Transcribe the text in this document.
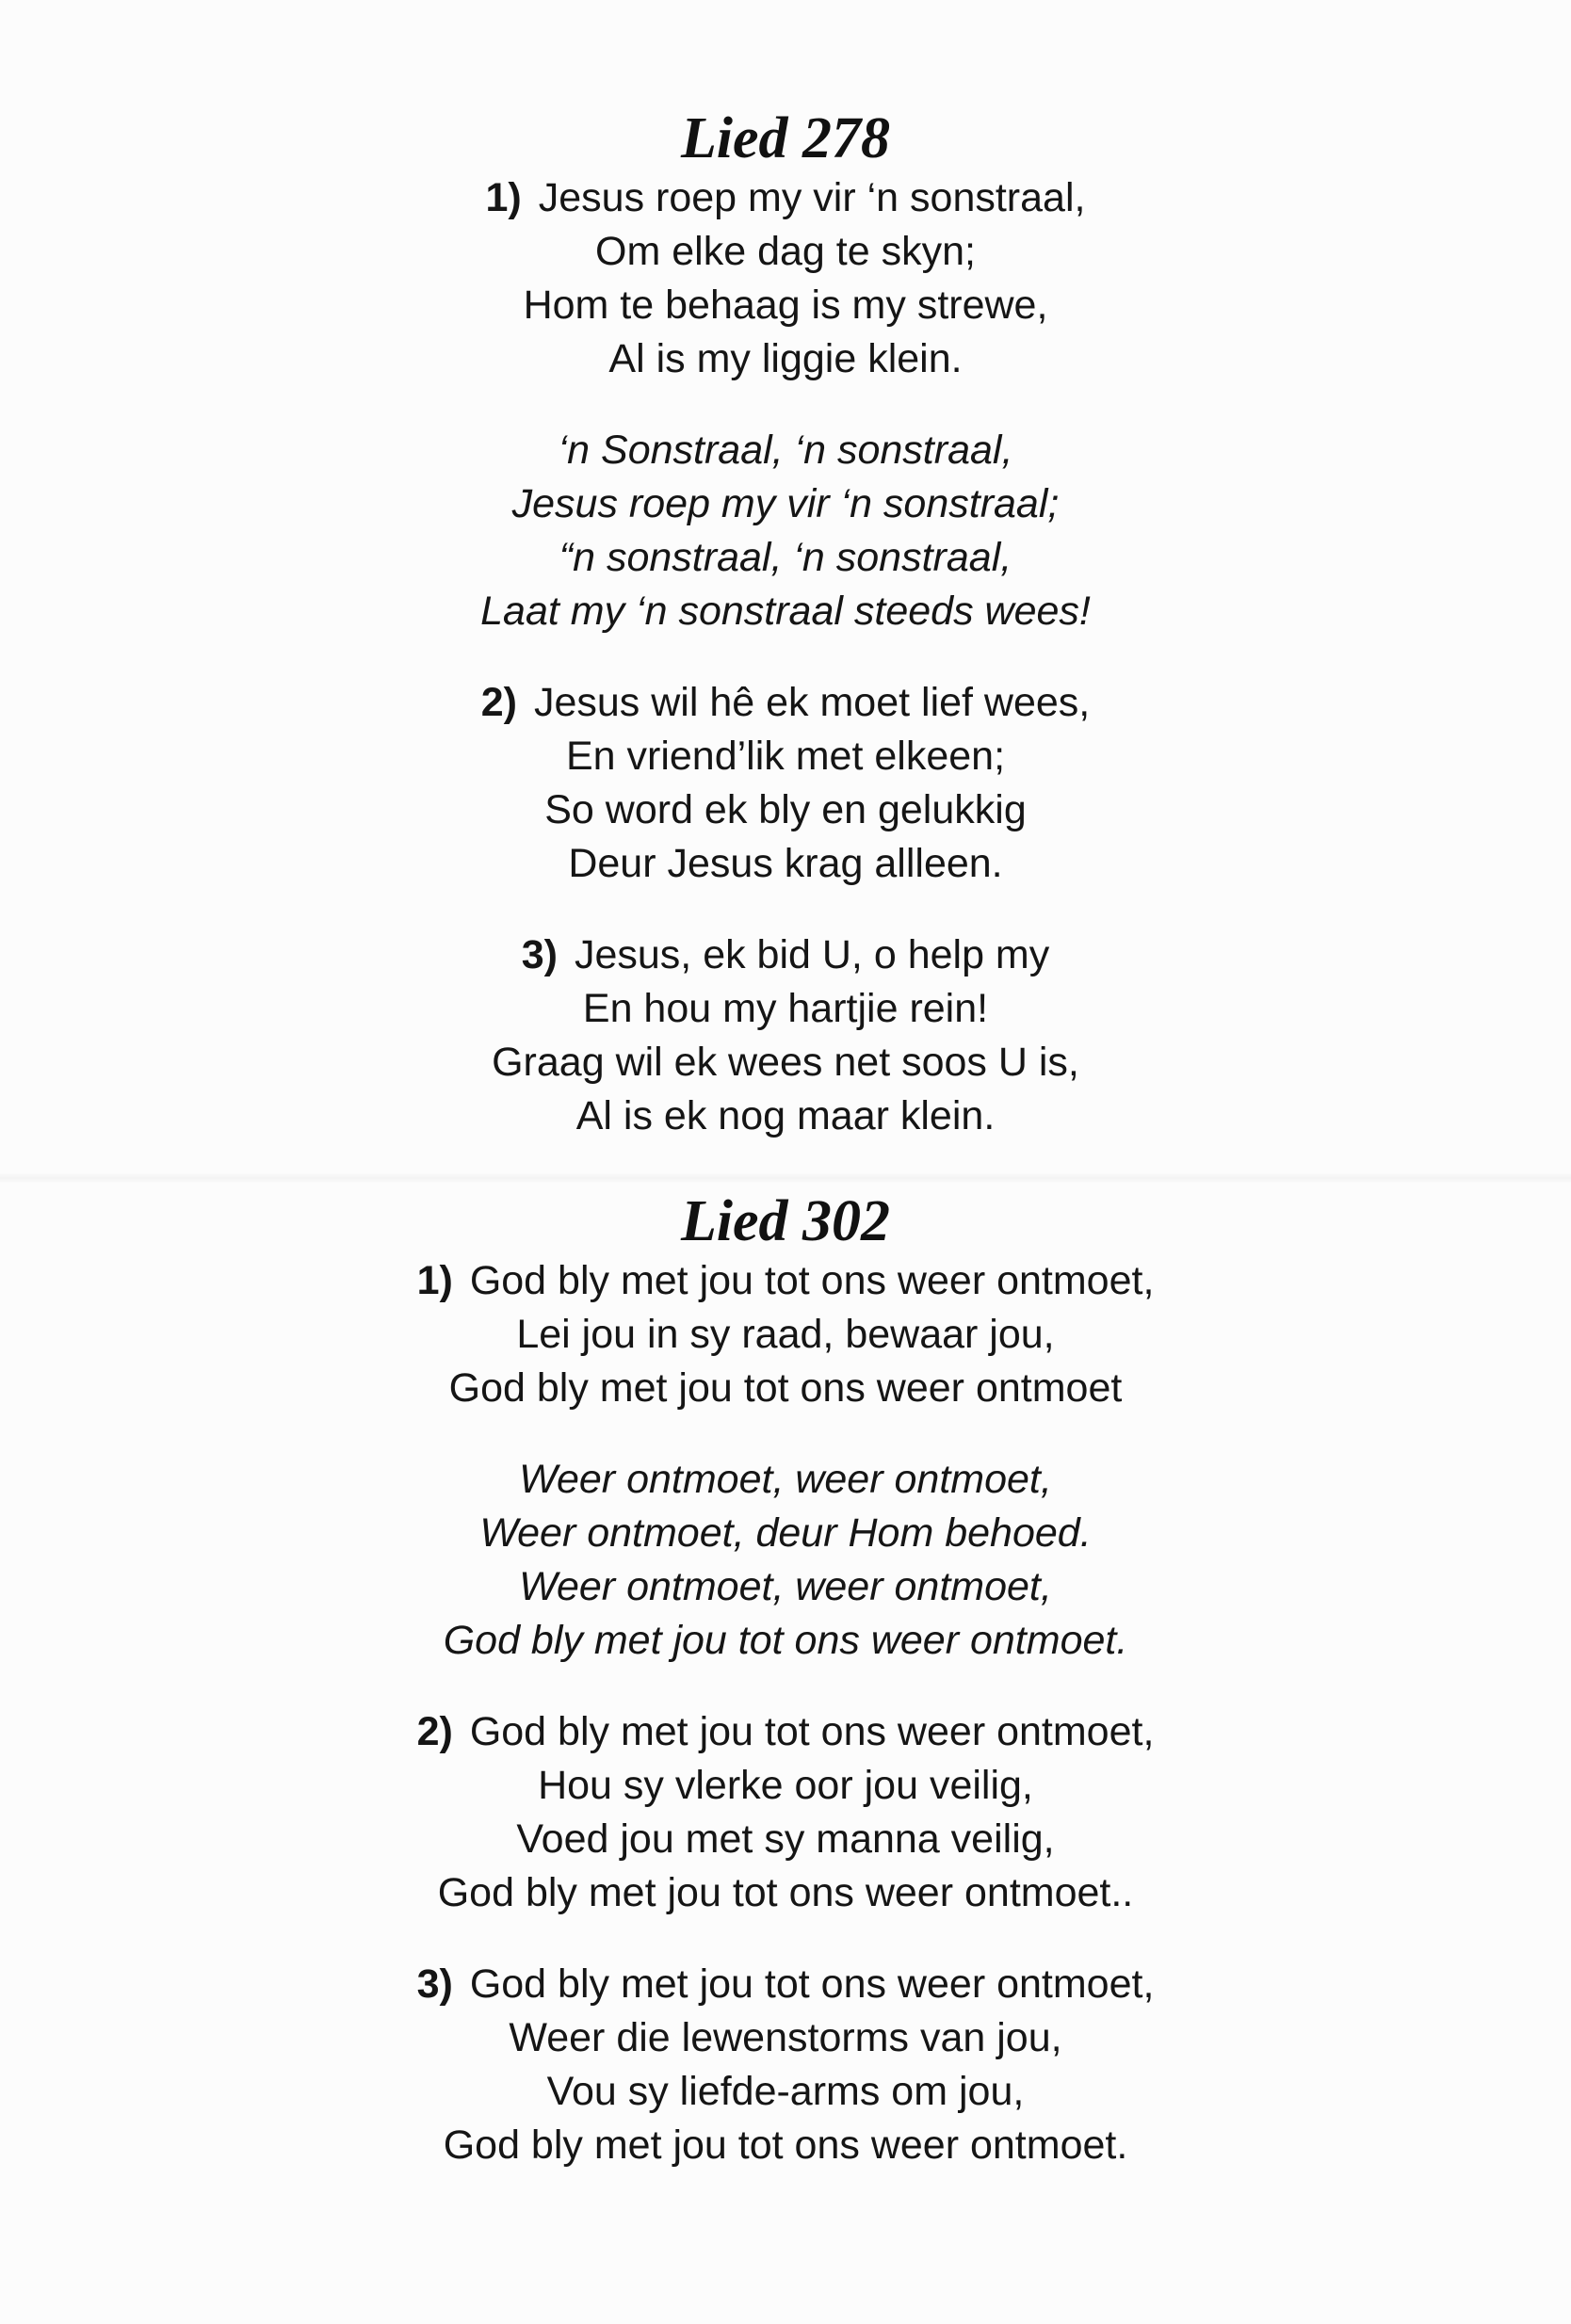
Lied 278
1) Jesus roep my vir ‘n sonstraal,
Om elke dag te skyn;
Hom te behaag is my strewe,
Al is my liggie klein.
‘n Sonstraal, ‘n sonstraal,
Jesus roep my vir ‘n sonstraal;
“n sonstraal, ‘n sonstraal,
Laat my ‘n sonstraal steeds wees!
2) Jesus wil hê ek moet lief wees,
En vriend’lik met elkeen;
So word ek bly en gelukkig
Deur Jesus krag allleen.
3) Jesus, ek bid U, o help my
En hou my hartjie rein!
Graag wil ek wees net soos U is,
Al is ek nog maar klein.
Lied 302
1) God bly met jou tot ons weer ontmoet,
Lei jou in sy raad, bewaar jou,
God bly met jou tot ons weer ontmoet
Weer ontmoet, weer ontmoet,
Weer ontmoet, deur Hom behoed.
Weer ontmoet, weer ontmoet,
God bly met jou tot ons weer ontmoet.
2) God bly met jou tot ons weer ontmoet,
Hou sy vlerke oor jou veilig,
Voed jou met sy manna veilig,
God bly met jou tot ons weer ontmoet..
3) God bly met jou tot ons weer ontmoet,
Weer die lewenstorms van jou,
Vou sy liefde-arms om jou,
God bly met jou tot ons weer ontmoet.
